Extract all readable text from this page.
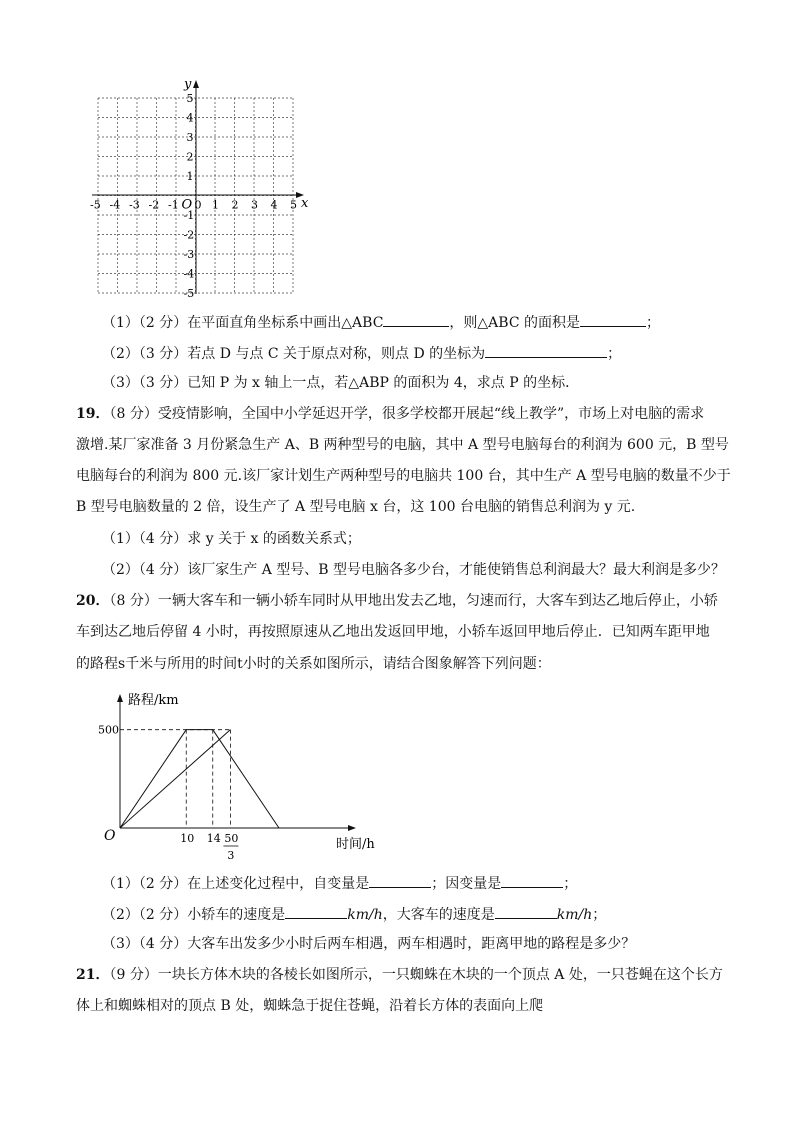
y
x
-5 -4 -3 -2 -1 0 1 2 3 4 5
O
5
4
3
2
1
-1
-2
-3
-4
-5
（1）（2 分）在平面直角坐标系中画出△ABC	，则△ABC 的面积是	；
（2）（3 分）若点 D 与点 C 关于原点对称，则点 D 的坐标为	；
（3）（3 分）已知 P 为 x 轴上一点，若△ABP 的面积为 4，求点 P 的坐标．
19．（8 分）受疫情影响，全国中小学延迟开学，很多学校都开展起“线上教学”，市场上对电脑的需求
激增.某厂家准备 3 月份紧急生产 A、B 两种型号的电脑，其中 A 型号电脑每台的利润为 600 元，B 型号
电脑每台的利润为 800 元.该厂家计划生产两种型号的电脑共 100 台，其中生产 A 型号电脑的数量不少于
B 型号电脑数量的 2 倍，设生产了 A 型号电脑 x 台，这 100 台电脑的销售总利润为 y 元.
（1）（4 分）求 y 关于 x 的函数关系式；
（2）（4 分）该厂家生产 A 型号、B 型号电脑各多少台，才能使销售总利润最大？最大利润是多少？
20．（8 分）一辆大客车和一辆小轿车同时从甲地出发去乙地，匀速而行，大客车到达乙地后停止，小轿
车到达乙地后停留 4 小时，再按照原速从乙地出发返回甲地，小轿车返回甲地后停止．已知两车距甲地
的路程s千米与所用的时间t小时的关系如图所示，请结合图象解答下列问题：
路程/km
时间/h
O
500
10 14 50
3
（1）（2 分）在上述变化过程中，自变量是	；因变量是	；
（2）（2 分）小轿车的速度是	km/h，大客车的速度是	km/h；
（3）（4 分）大客车出发多少小时后两车相遇，两车相遇时，距离甲地的路程是多少？
21．（9 分）一块长方体木块的各棱长如图所示，一只蜘蛛在木块的一个顶点 A 处，一只苍蝇在这个长方
体上和蜘蛛相对的顶点 B 处，蜘蛛急于捉住苍蝇，沿着长方体的表面向上爬
